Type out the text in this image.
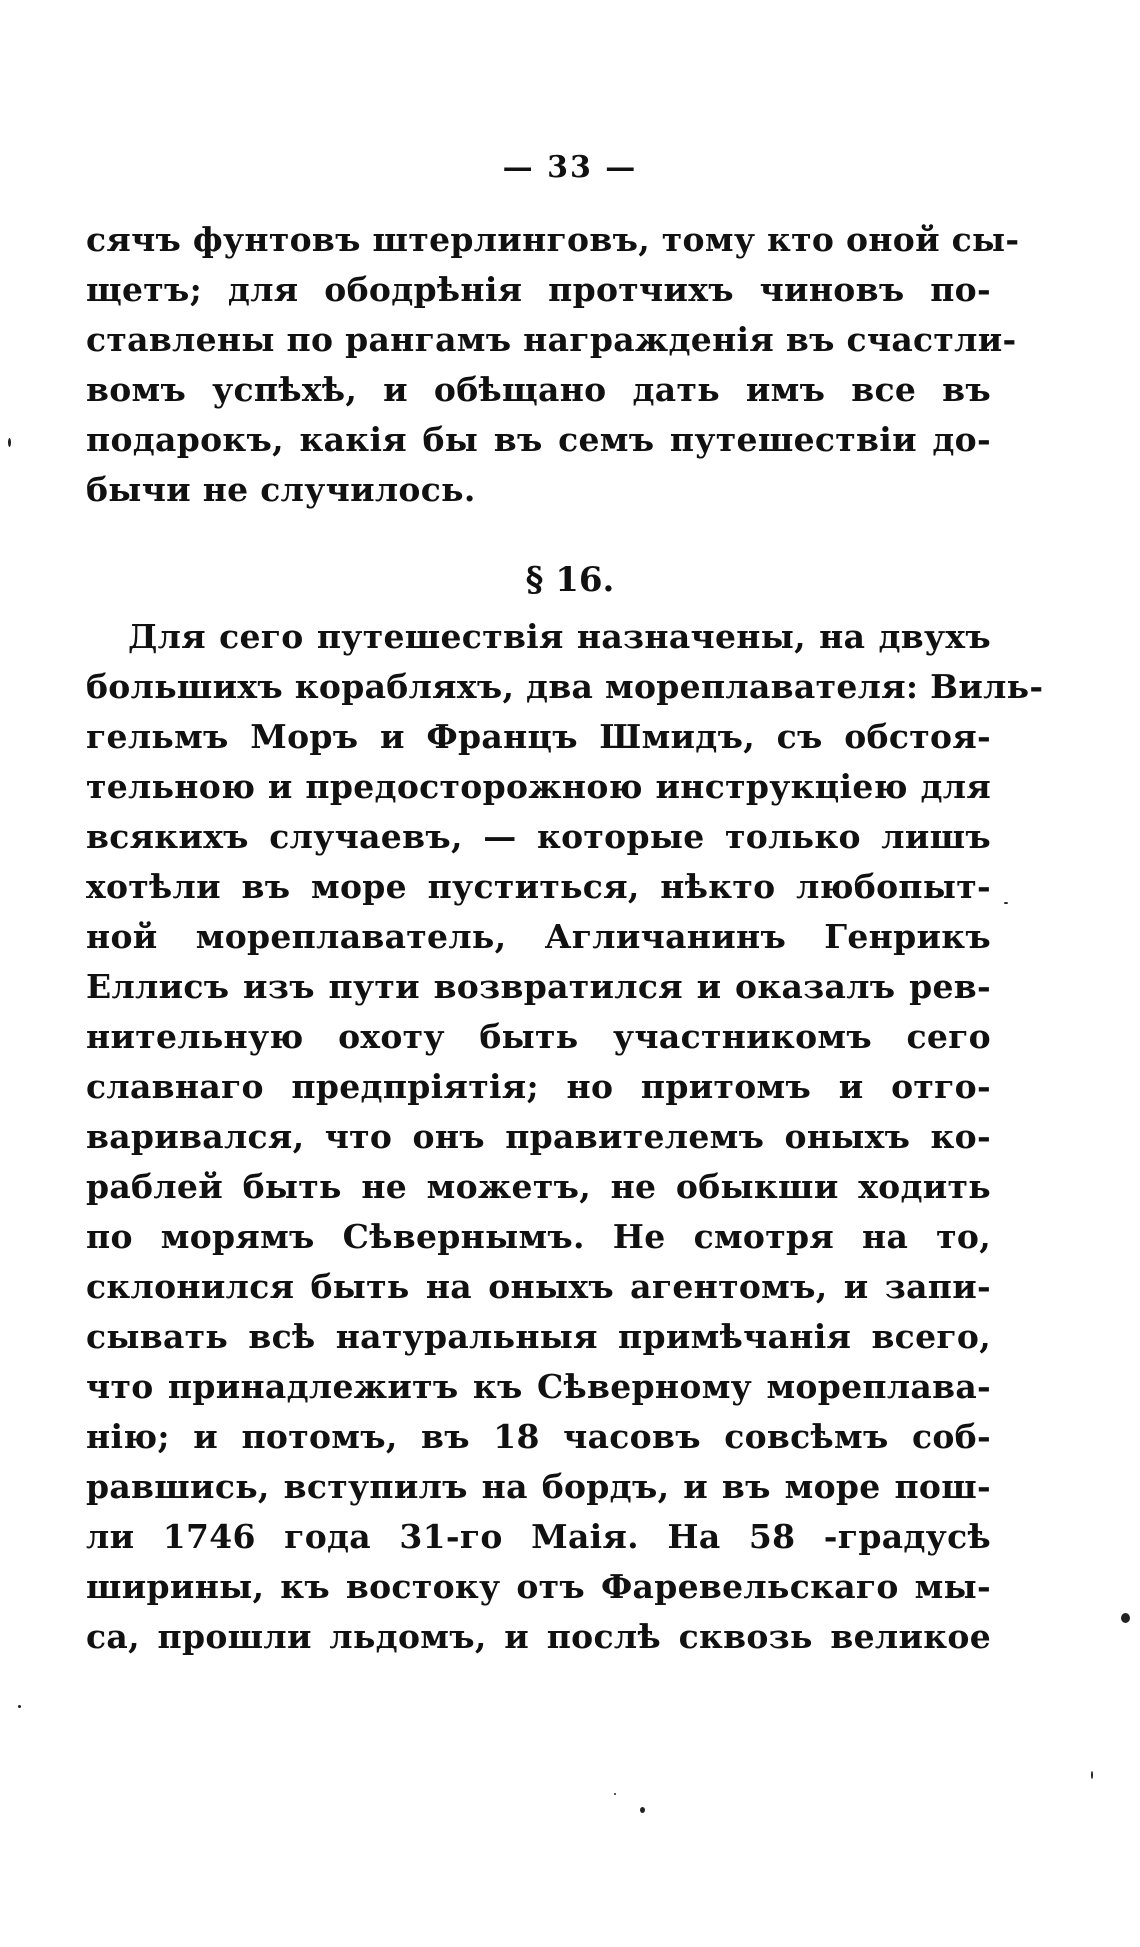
— 33 —
сячъ фунтовъ штерлинговъ, тому кто оной сы-
щетъ; для ободрѣнія протчихъ чиновъ по-
ставлены по рангамъ награжденія въ счастли-
вомъ успѣхѣ, и обѣщано дать имъ все въ
подарокъ, какія бы въ семъ путешествіи до-
бычи не случилось.
§ 16.
Для сего путешествія назначены, на двухъ
большихъ корабляхъ, два мореплавателя: Виль-
гельмъ Моръ и Францъ Шмидъ, съ обстоя-
тельною и предосторожною инструкціею для
всякихъ случаевъ, — которые только лишъ
хотѣли въ море пуститься, нѣкто любопыт-
ной мореплаватель, Агличанинъ Генрикъ
Еллисъ изъ пути возвратился и оказалъ рев-
нительную охоту быть участникомъ сего
славнаго предпріятія; но притомъ и отго-
варивался, что онъ правителемъ оныхъ ко-
раблей быть не можетъ, не обыкши ходить
по морямъ Сѣвернымъ. Не смотря на то,
склонился быть на оныхъ агентомъ, и запи-
сывать всѣ натуральныя примѣчанія всего,
что принадлежитъ къ Сѣверному мореплава-
нію; и потомъ, въ 18 часовъ совсѣмъ соб-
равшись, вступилъ на бордъ, и въ море пош-
ли 1746 года 31-го Маія. На 58 -градусѣ
ширины, къ востоку отъ Фаревельскаго мы-
са, прошли льдомъ, и послѣ сквозь великое
